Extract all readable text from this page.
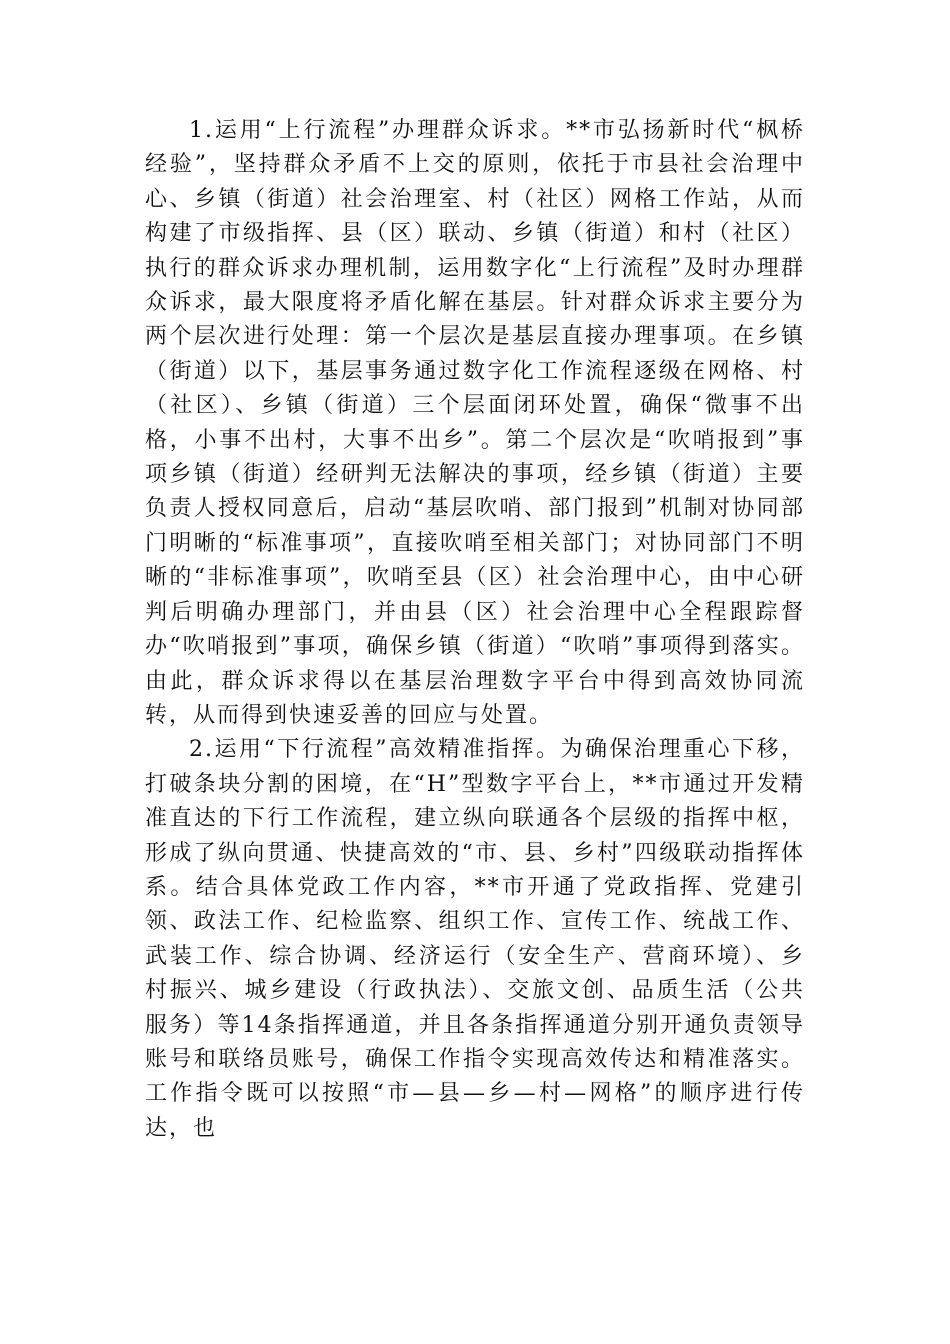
1.运用“上行流程”办理群众诉求。**市弘扬新时代“枫桥经验”，坚持群众矛盾不上交的原则，依托于市县社会治理中心、乡镇（街道）社会治理室、村（社区）网格工作站，从而构建了市级指挥、县（区）联动、乡镇（街道）和村（社区）执行的群众诉求办理机制，运用数字化“上行流程”及时办理群众诉求，最大限度将矛盾化解在基层。针对群众诉求主要分为两个层次进行处理：第一个层次是基层直接办理事项。在乡镇（街道）以下，基层事务通过数字化工作流程逐级在网格、村（社区）、乡镇（街道）三个层面闭环处置，确保“微事不出格，小事不出村，大事不出乡”。第二个层次是“吹哨报到”事项乡镇（街道）经研判无法解决的事项，经乡镇（街道）主要负责人授权同意后，启动“基层吹哨、部门报到”机制对协同部门明晰的“标准事项”，直接吹哨至相关部门；对协同部门不明晰的“非标准事项”，吹哨至县（区）社会治理中心，由中心研判后明确办理部门，并由县（区）社会治理中心全程跟踪督办“吹哨报到”事项，确保乡镇（街道）“吹哨”事项得到落实。由此，群众诉求得以在基层治理数字平台中得到高效协同流转，从而得到快速妥善的回应与处置。

2.运用“下行流程”高效精准指挥。为确保治理重心下移，打破条块分割的困境，在“H”型数字平台上，**市通过开发精准直达的下行工作流程，建立纵向联通各个层级的指挥中枢，形成了纵向贯通、快捷高效的“市、县、乡村”四级联动指挥体系。结合具体党政工作内容，**市开通了党政指挥、党建引领、政法工作、纪检监察、组织工作、宣传工作、统战工作、武装工作、综合协调、经济运行（安全生产、营商环境）、乡村振兴、城乡建设（行政执法）、交旅文创、品质生活（公共服务）等14条指挥通道，并且各条指挥通道分别开通负责领导账号和联络员账号，确保工作指令实现高效传达和精准落实。工作指令既可以按照“市—县—乡—村—网格”的顺序进行传达，也
